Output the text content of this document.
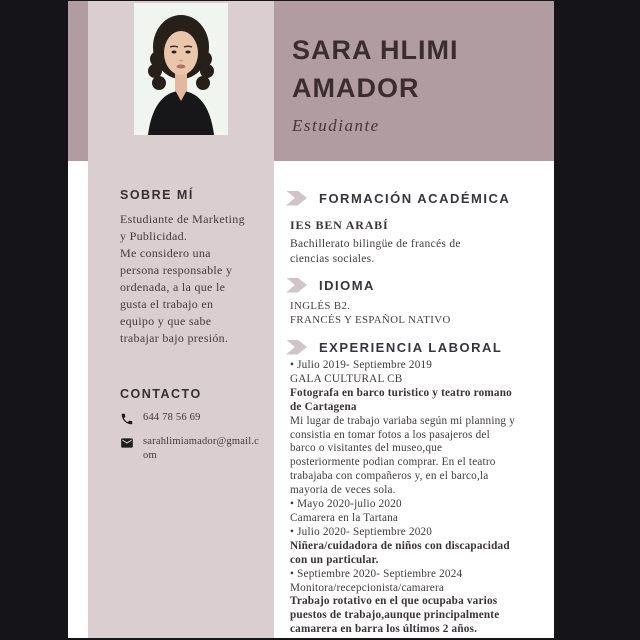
SOBRE MÍ
Estudiante de Marketing
y Publicidad.
Me considero una
persona responsable y
ordenada, a la que le
gusta el trabajo en
equipo y que sabe
trabajar bajo presión.
CONTACTO
644 78 56 69
sarahlimiamador@gmail.com
SARA HLIMI AMADOR
Estudiante
FORMACIÓN ACADÉMICA
IES BEN ARABÍ
Bachillerato bilingüe de francés de
ciencias sociales.
IDIOMA
INGLÉS B2.
FRANCÉS Y ESPAÑOL NATIVO
EXPERIENCIA LABORAL
• Julio 2019- Septiembre 2019
GALA CULTURAL CB
Fotografa en barco turistico y teatro romano
de Cartagena
Mi lugar de trabajo variaba según mi planning y
consistia en tomar fotos a los pasajeros del
barco o visitantes del museo,que
posteriormente podian comprar. En el teatro
trabajaba con compañeros y, en el barco,la
mayoria de veces sola.
• Mayo 2020-julio 2020
Camarera en la Tartana
• Julio 2020- Septiembre 2020
Niñera/cuidadora de niños con discapacidad
con un particular.
• Septiembre 2020- Septiembre 2024
Monitora/recepcionista/camarera
Trabajo rotativo en el que ocupaba varios
puestos de trabajo,aunque principalmente
camarera en barra los últimos 2 años.
